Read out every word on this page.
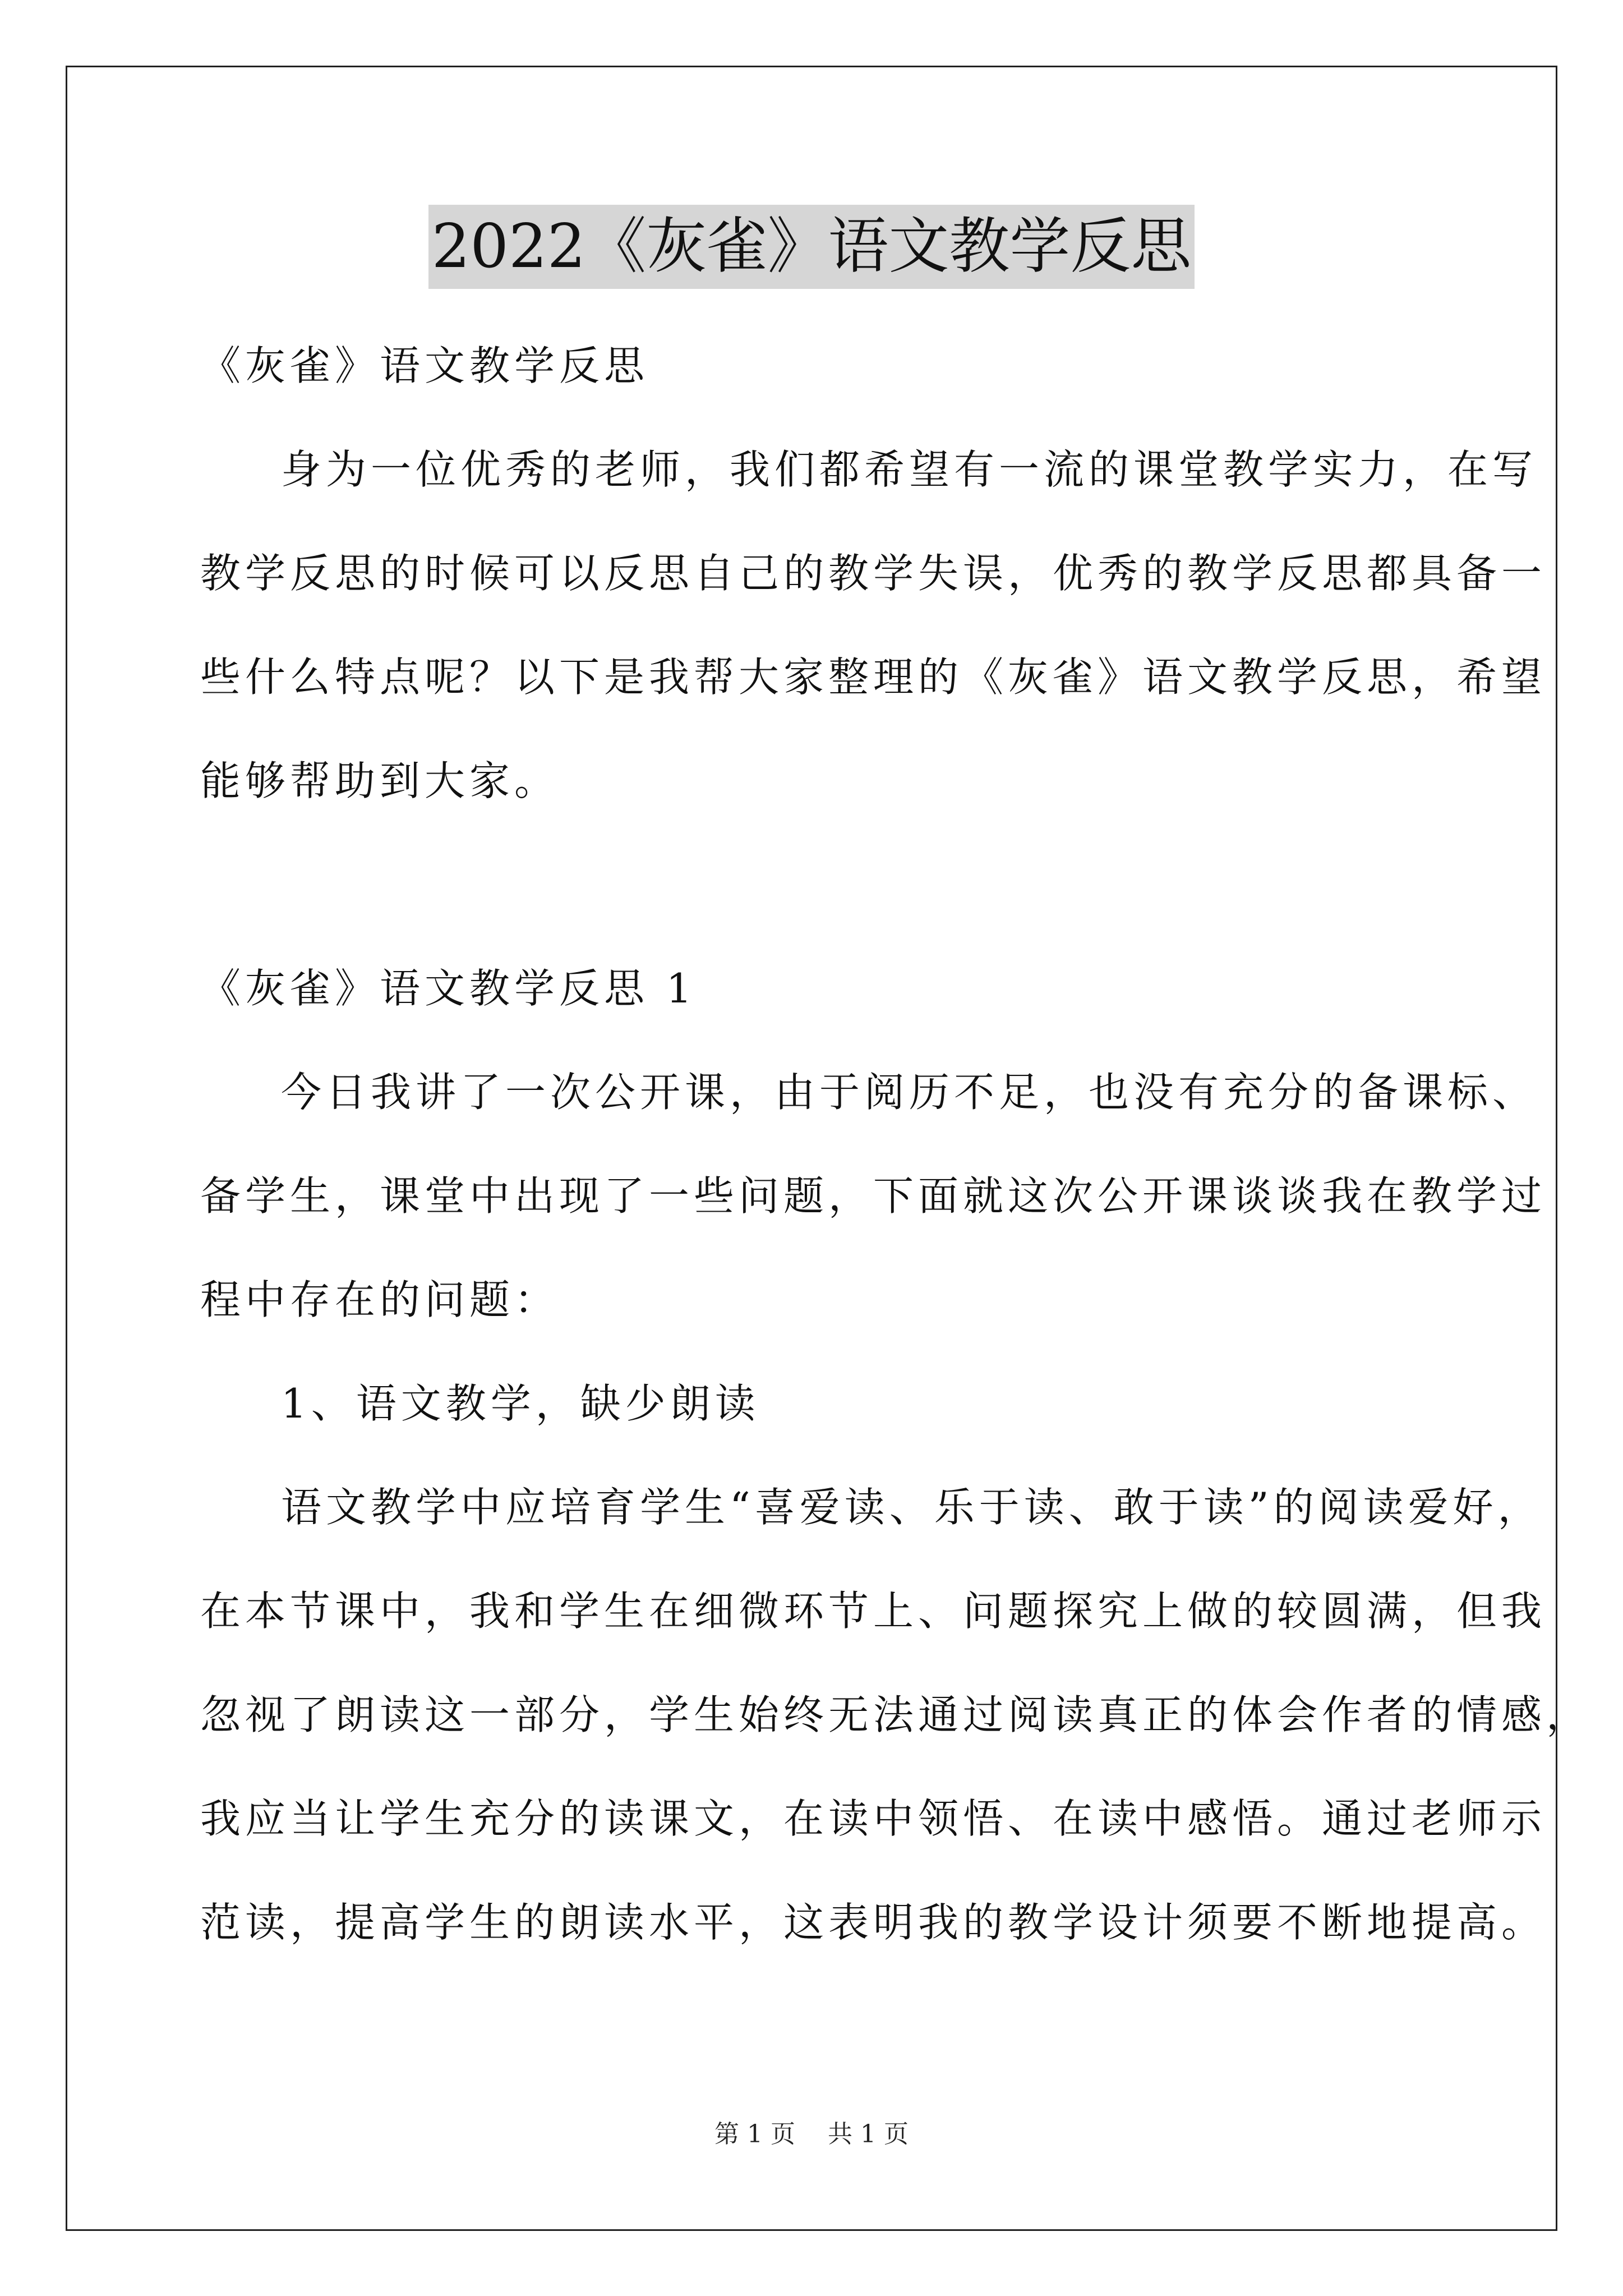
2022《灰雀》语文教学反思
《灰雀》语文教学反思
身为一位优秀的老师，我们都希望有一流的课堂教学实力，在写
教学反思的时候可以反思自己的教学失误，优秀的教学反思都具备一
些什么特点呢？以下是我帮大家整理的《灰雀》语文教学反思，希望
能够帮助到大家。
《灰雀》语文教学反思 1
今日我讲了一次公开课，由于阅历不足，也没有充分的备课标、
备学生，课堂中出现了一些问题，下面就这次公开课谈谈我在教学过
程中存在的问题：
1、语文教学，缺少朗读
语文教学中应培育学生“喜爱读、乐于读、敢于读”的阅读爱好，
在本节课中，我和学生在细微环节上、问题探究上做的较圆满，但我
忽视了朗读这一部分，学生始终无法通过阅读真正的体会作者的情感，
我应当让学生充分的读课文，在读中领悟、在读中感悟。通过老师示
范读，提高学生的朗读水平，这表明我的教学设计须要不断地提高。
第 1 页 共 1 页
